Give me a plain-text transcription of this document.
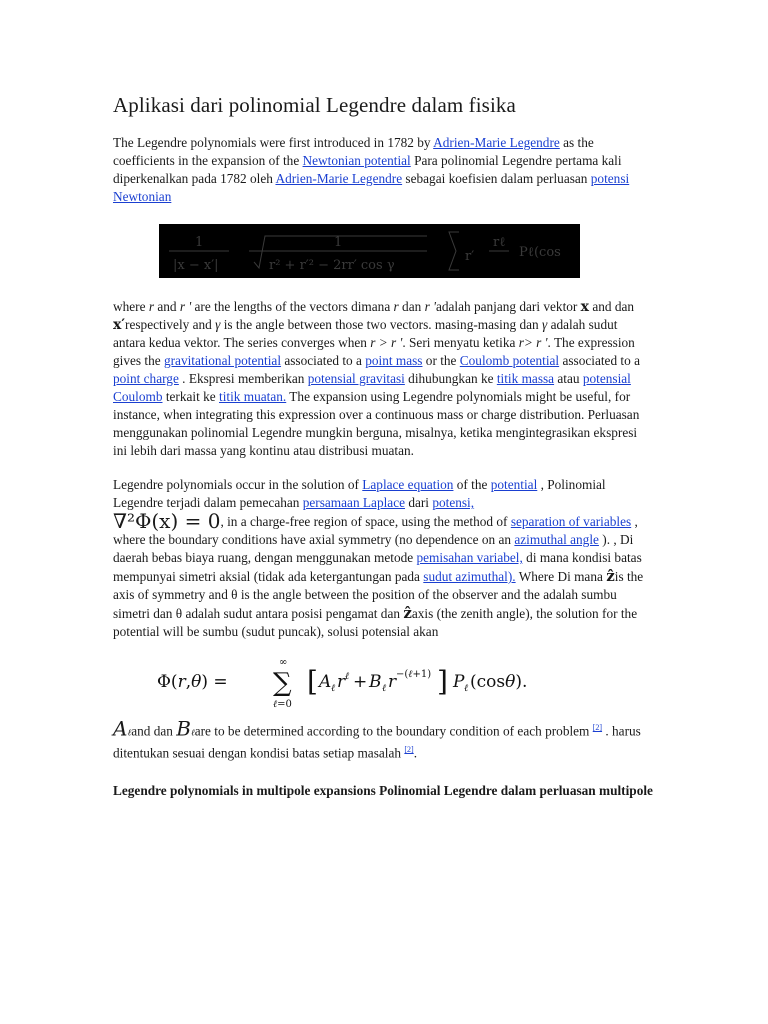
Aplikasi dari polinomial Legendre dalam fisika

The Legendre polynomials were first introduced in 1782 by Adrien-Marie Legendre as the coefficients in the expansion of the Newtonian potential Para polinomial Legendre pertama kali diperkenalkan pada 1782 oleh Adrien-Marie Legendre sebagai koefisien dalam perluasan potensi Newtonian

|x − x′|
1	1
r² + r′² − 2rr′ cos γ
r′
rℓ
Pℓ(cos

where r and r ' are the lengths of the vectors dimana r dan r 'adalah panjang dari vektor x and dan x′respectively and γ is the angle between those two vectors. masing-masing dan γ adalah sudut antara kedua vektor. The series converges when r > r '. Seri menyatu ketika r> r '. The expression gives the gravitational potential associated to a point mass or the Coulomb potential associated to a point charge . Ekspresi memberikan potensial gravitasi dihubungkan ke titik massa atau potensial Coulomb terkait ke titik muatan. The expansion using Legendre polynomials might be useful, for instance, when integrating this expression over a continuous mass or charge distribution. Perluasan menggunakan polinomial Legendre mungkin berguna, misalnya, ketika mengintegrasikan ekspresi ini lebih dari massa yang kontinu atau distribusi muatan.

Legendre polynomials occur in the solution of Laplace equation of the potential , Polinomial Legendre terjadi dalam pemecahan persamaan Laplace dari potensi,
∇²Φ(x) = 0, in a charge-free region of space, using the method of separation of variables , where the boundary conditions have axial symmetry (no dependence on an azimuthal angle ). , Di daerah bebas biaya ruang, dengan menggunakan metode pemisahan variabel, di mana kondisi batas mempunyai simetri aksial (tidak ada ketergantungan pada sudut azimuthal). Where Di mana ẑis the axis of symmetry and θ is the angle between the position of the observer and the adalah sumbu simetri dan θ adalah sudut antara posisi pengamat dan ẑaxis (the zenith angle), the solution for the potential will be sumbu (sudut puncak), solusi potensial akan

Φ(r,θ) =
∞
∑
ℓ=0
[ A ℓ r ℓ + B ℓ r −(ℓ+1) ] P ℓ (cosθ).

Aℓand dan Bℓare to be determined according to the boundary condition of each problem [2] . harus ditentukan sesuai dengan kondisi batas setiap masalah [2].

Legendre polynomials in multipole expansions Polinomial Legendre dalam perluasan multipole
